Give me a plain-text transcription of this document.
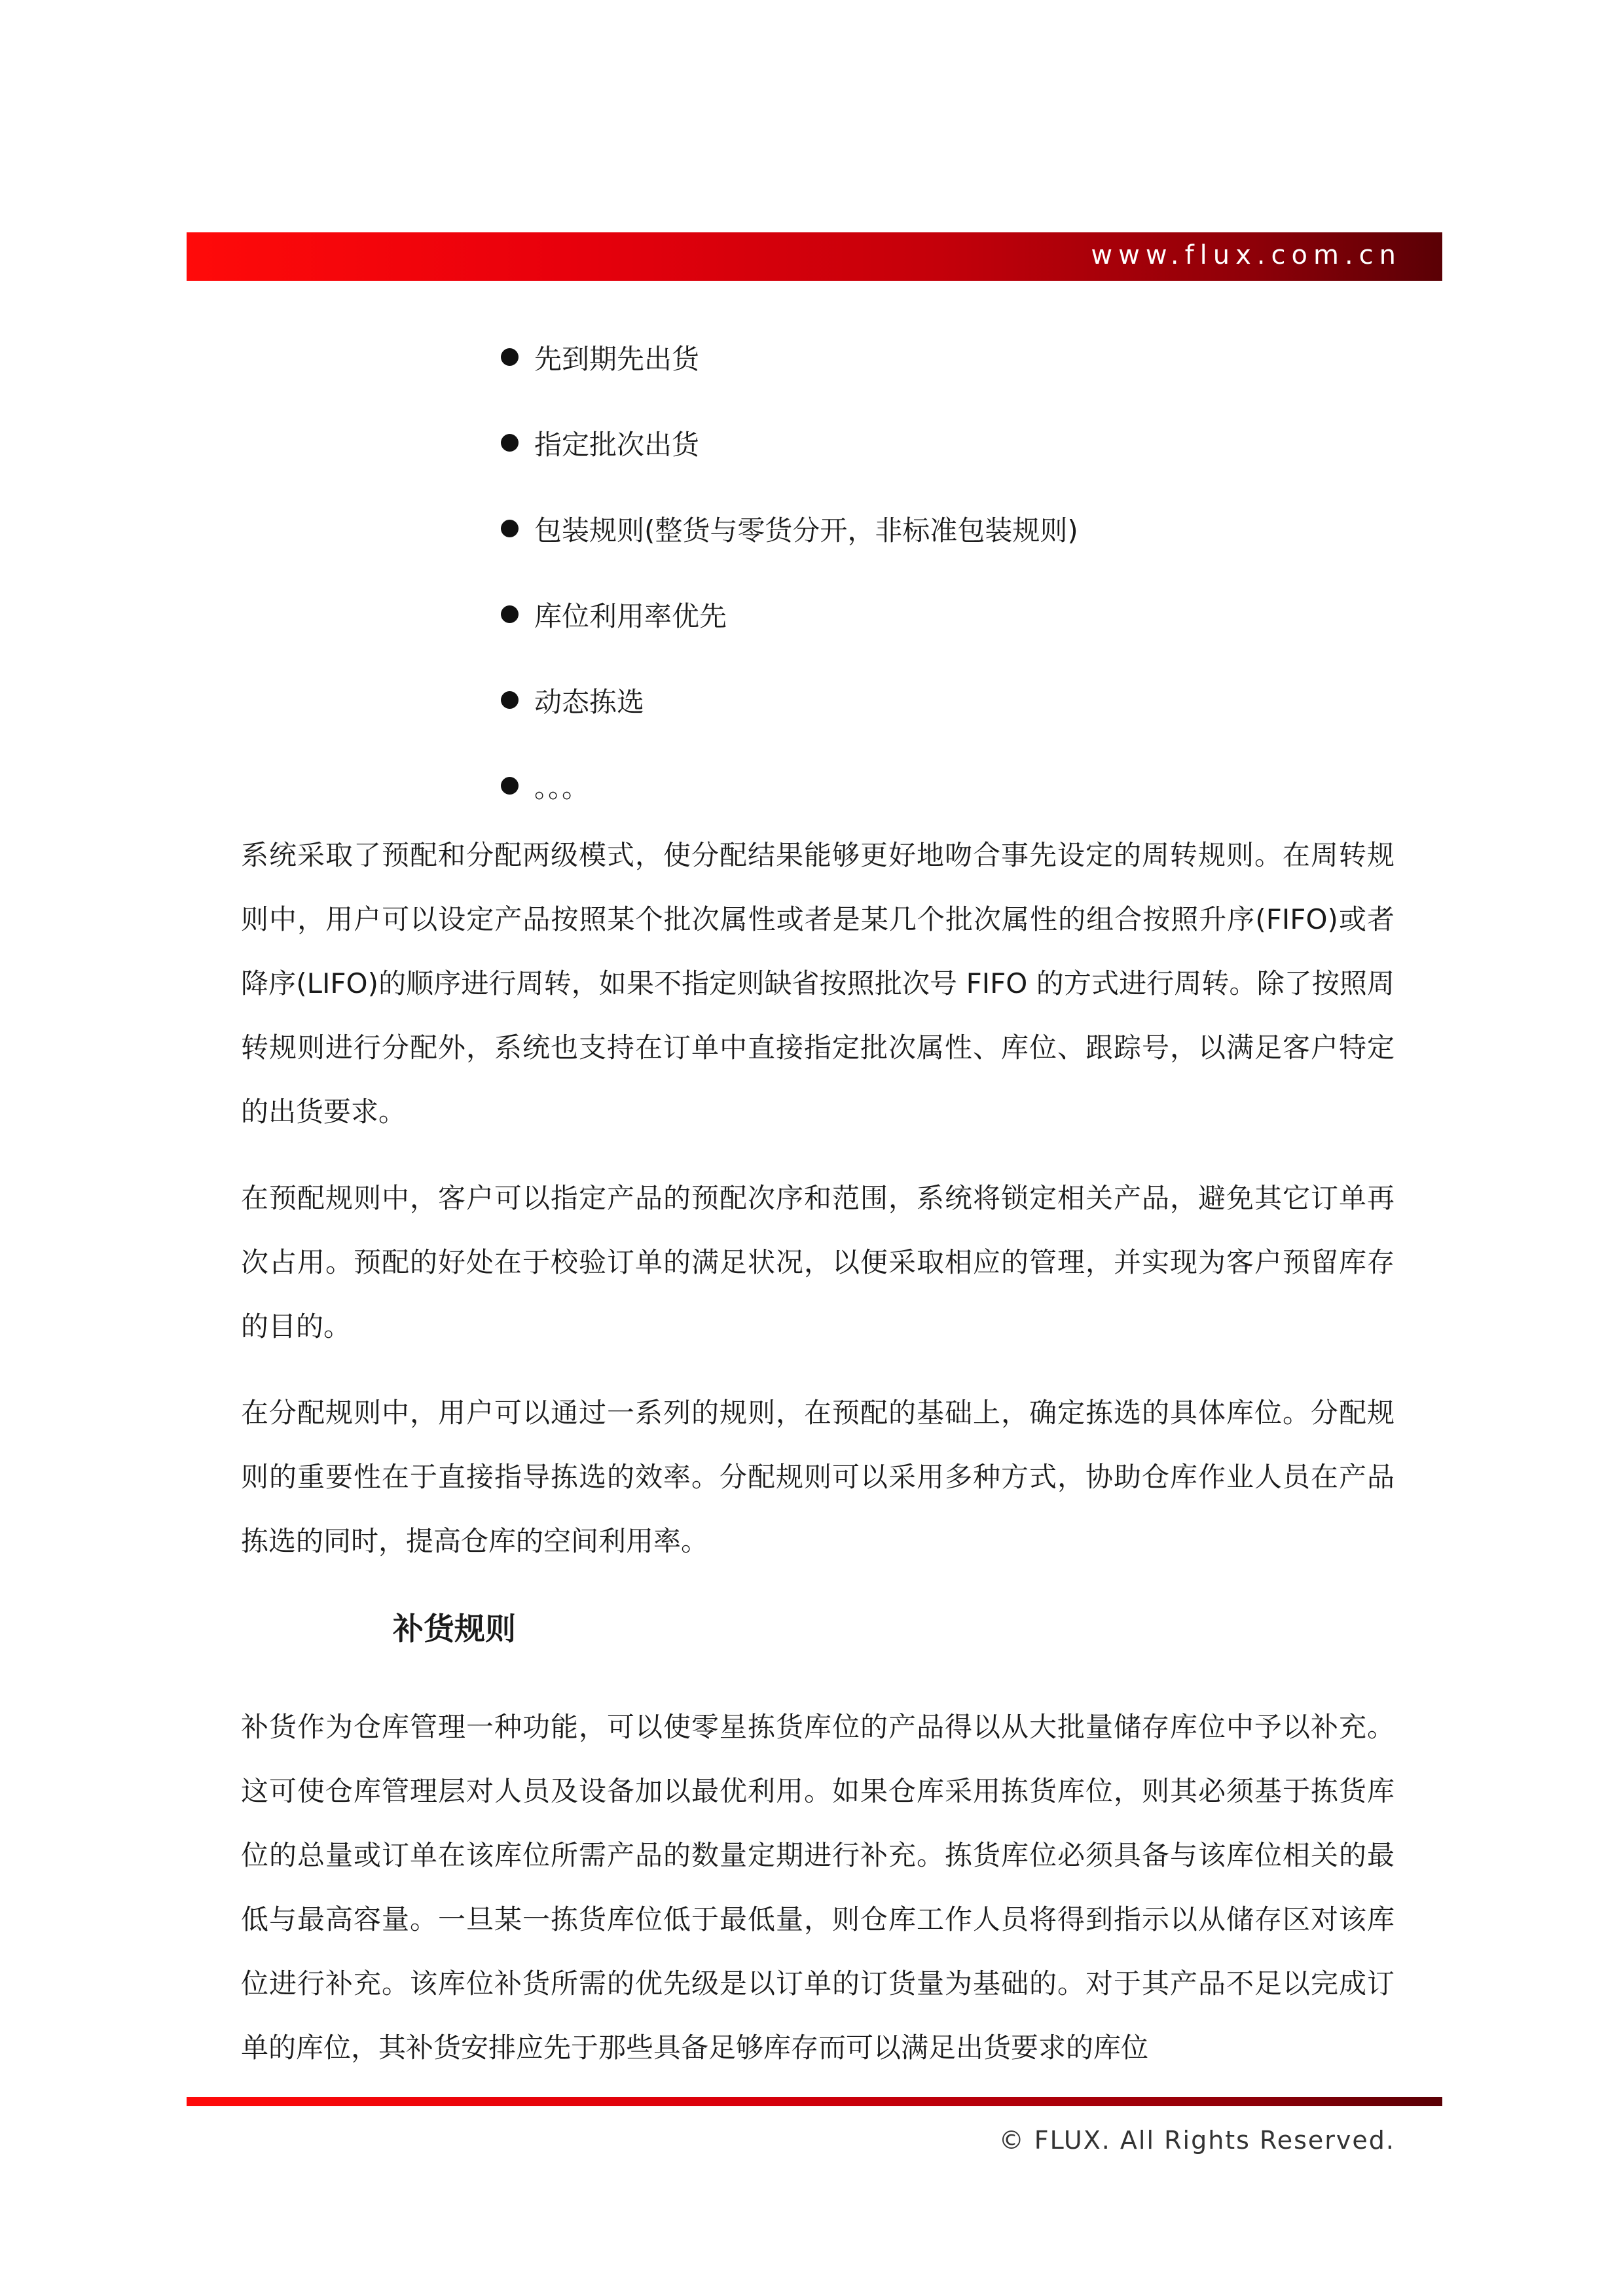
www.flux.com.cn
先到期先出货
指定批次出货
包装规则(整货与零货分开，非标准包装规则)
库位利用率优先
动态拣选
。。。

系统采取了预配和分配两级模式，使分配结果能够更好地吻合事先设定的周转规则。在周转规则中，用户可以设定产品按照某个批次属性或者是某几个批次属性的组合按照升序(FIFO)或者降序(LIFO)的顺序进行周转，如果不指定则缺省按照批次号 FIFO 的方式进行周转。除了按照周转规则进行分配外，系统也支持在订单中直接指定批次属性、库位、跟踪号，以满足客户特定的出货要求。

在预配规则中，客户可以指定产品的预配次序和范围，系统将锁定相关产品，避免其它订单再次占用。预配的好处在于校验订单的满足状况，以便采取相应的管理，并实现为客户预留库存的目的。

在分配规则中，用户可以通过一系列的规则，在预配的基础上，确定拣选的具体库位。分配规则的重要性在于直接指导拣选的效率。分配规则可以采用多种方式，协助仓库作业人员在产品拣选的同时，提高仓库的空间利用率。

补货规则

补货作为仓库管理一种功能，可以使零星拣货库位的产品得以从大批量储存库位中予以补充。这可使仓库管理层对人员及设备加以最优利用。如果仓库采用拣货库位，则其必须基于拣货库位的总量或订单在该库位所需产品的数量定期进行补充。拣货库位必须具备与该库位相关的最低与最高容量。一旦某一拣货库位低于最低量，则仓库工作人员将得到指示以从储存区对该库位进行补充。该库位补货所需的优先级是以订单的订货量为基础的。对于其产品不足以完成订单的库位，其补货安排应先于那些具备足够库存而可以满足出货要求的库位

© FLUX. All Rights Reserved.
